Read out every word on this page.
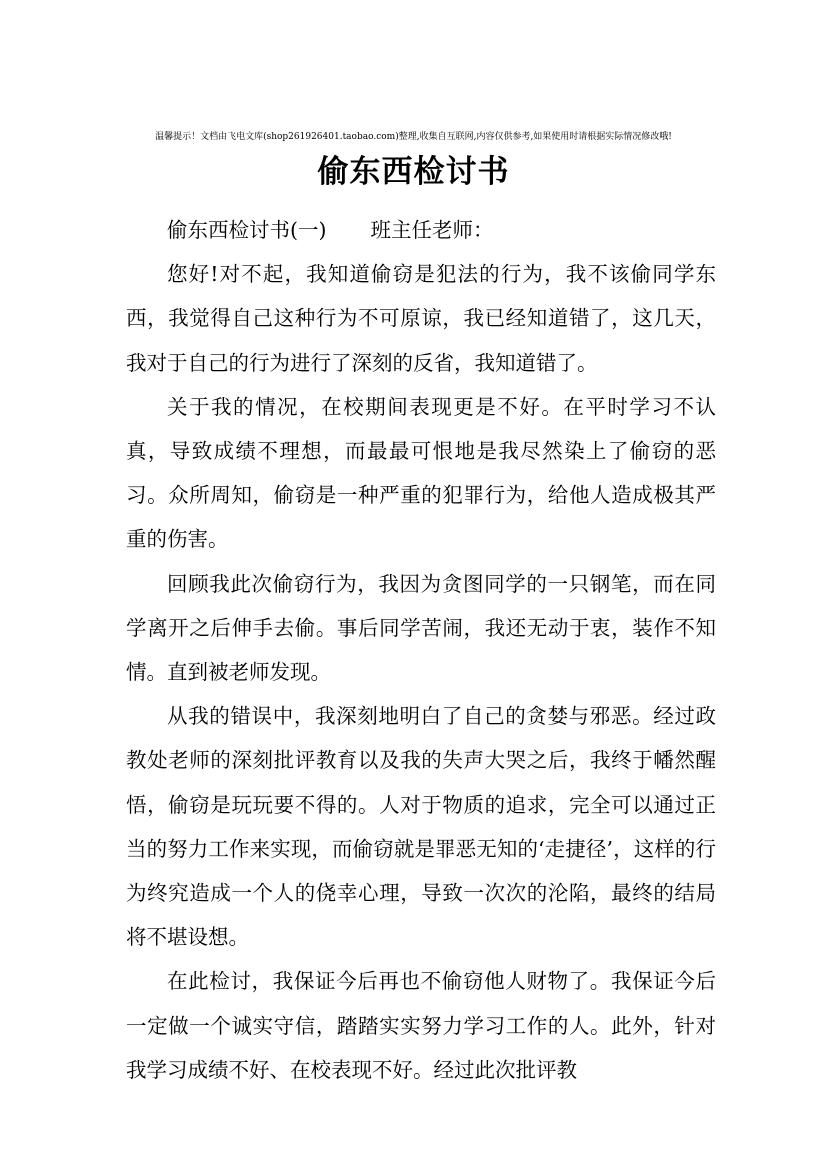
温馨提示！文档由飞电文库(shop261926401.taobao.com)整理,收集自互联网,内容仅供参考,如果使用时请根据实际情况修改哦!
偷东西检讨书

偷东西检讨书(一) 班主任老师：

您好!对不起，我知道偷窃是犯法的行为，我不该偷同学东西，我觉得自己这种行为不可原谅，我已经知道错了，这几天，我对于自己的行为进行了深刻的反省，我知道错了。

关于我的情况，在校期间表现更是不好。在平时学习不认真，导致成绩不理想，而最最可恨地是我尽然染上了偷窃的恶习。众所周知，偷窃是一种严重的犯罪行为，给他人造成极其严重的伤害。

回顾我此次偷窃行为，我因为贪图同学的一只钢笔，而在同学离开之后伸手去偷。事后同学苦闹，我还无动于衷，装作不知情。直到被老师发现。

从我的错误中，我深刻地明白了自己的贪婪与邪恶。经过政教处老师的深刻批评教育以及我的失声大哭之后，我终于幡然醒悟，偷窃是玩玩要不得的。人对于物质的追求，完全可以通过正当的努力工作来实现，而偷窃就是罪恶无知的‘走捷径’，这样的行为终究造成一个人的侥幸心理，导致一次次的沦陷，最终的结局将不堪设想。

在此检讨，我保证今后再也不偷窃他人财物了。我保证今后一定做一个诚实守信，踏踏实实努力学习工作的人。此外，针对我学习成绩不好、在校表现不好。经过此次批评教
